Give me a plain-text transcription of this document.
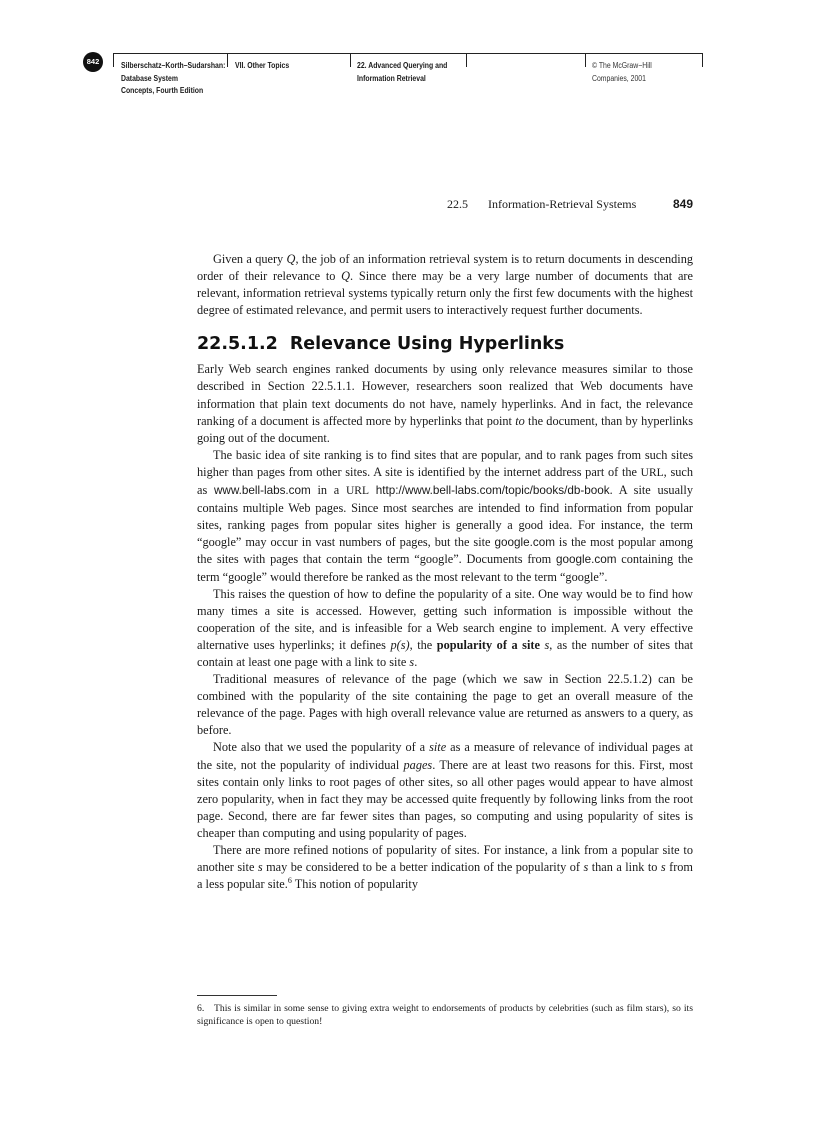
842	Silberschatz–Korth–Sudarshan:
Database System
Concepts, Fourth Edition
VII. Other Topics	22. Advanced Querying and
Information Retrieval
© The McGraw−Hill
Companies, 2001
22.5 Information-Retrieval Systems	849

Given a query Q, the job of an information retrieval system is to return documents in descending order of their relevance to Q. Since there may be a very large number of documents that are relevant, information retrieval systems typically return only the first few documents with the highest degree of estimated relevance, and permit users to interactively request further documents.

22.5.1.2 Relevance Using Hyperlinks

Early Web search engines ranked documents by using only relevance measures similar to those described in Section 22.5.1.1. However, researchers soon realized that Web documents have information that plain text documents do not have, namely hyperlinks. And in fact, the relevance ranking of a document is affected more by hyperlinks that point to the document, than by hyperlinks going out of the document.

The basic idea of site ranking is to find sites that are popular, and to rank pages from such sites higher than pages from other sites. A site is identified by the internet address part of the URL, such as www.bell-labs.com in a URL http://www.bell-labs.com/topic/books/db-book. A site usually contains multiple Web pages. Since most searches are intended to find information from popular sites, ranking pages from popular sites higher is generally a good idea. For instance, the term “google” may occur in vast numbers of pages, but the site google.com is the most popular among the sites with pages that contain the term “google”. Documents from google.com containing the term “google” would therefore be ranked as the most relevant to the term “google”.

This raises the question of how to define the popularity of a site. One way would be to find how many times a site is accessed. However, getting such information is impossible without the cooperation of the site, and is infeasible for a Web search engine to implement. A very effective alternative uses hyperlinks; it defines p(s), the popularity of a site s, as the number of sites that contain at least one page with a link to site s.

Traditional measures of relevance of the page (which we saw in Section 22.5.1.2) can be combined with the popularity of the site containing the page to get an overall measure of the relevance of the page. Pages with high overall relevance value are returned as answers to a query, as before.

Note also that we used the popularity of a site as a measure of relevance of individual pages at the site, not the popularity of individual pages. There are at least two reasons for this. First, most sites contain only links to root pages of other sites, so all other pages would appear to have almost zero popularity, when in fact they may be accessed quite frequently by following links from the root page. Second, there are far fewer sites than pages, so computing and using popularity of sites is cheaper than computing and using popularity of pages.

There are more refined notions of popularity of sites. For instance, a link from a popular site to another site s may be considered to be a better indication of the popularity of s than a link to s from a less popular site.$^6$ This notion of popularity

6. This is similar in some sense to giving extra weight to endorsements of products by celebrities (such as film stars), so its significance is open to question!
